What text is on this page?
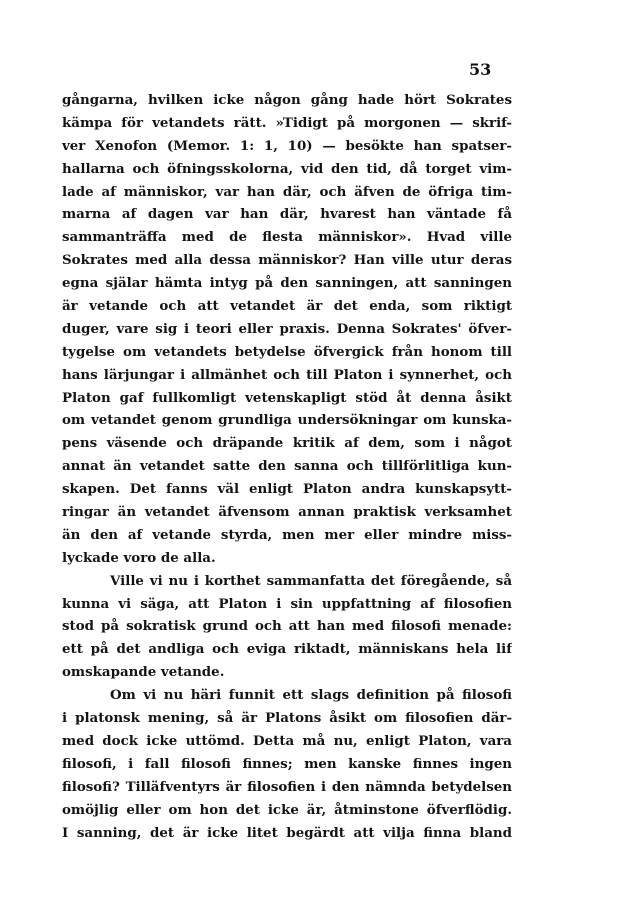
53
gångarna, hvilken icke någon gång hade hört Sokrates
kämpa för vetandets rätt. »Tidigt på morgonen — skrif-
ver Xenofon (Memor. 1: 1, 10) — besökte han spatser-
hallarna och öfningsskolorna, vid den tid, då torget vim-
lade af människor, var han där, och äfven de öfriga tim-
marna af dagen var han där, hvarest han väntade få
sammanträffa med de flesta människor». Hvad ville
Sokrates med alla dessa människor? Han ville utur deras
egna själar hämta intyg på den sanningen, att sanningen
är vetande och att vetandet är det enda, som riktigt
duger, vare sig i teori eller praxis. Denna Sokrates' öfver-
tygelse om vetandets betydelse öfvergick från honom till
hans lärjungar i allmänhet och till Platon i synnerhet, och
Platon gaf fullkomligt vetenskapligt stöd åt denna åsikt
om vetandet genom grundliga undersökningar om kunska-
pens väsende och dräpande kritik af dem, som i något
annat än vetandet satte den sanna och tillförlitliga kun-
skapen. Det fanns väl enligt Platon andra kunskapsytt-
ringar än vetandet äfvensom annan praktisk verksamhet
än den af vetande styrda, men mer eller mindre miss-
lyckade voro de alla.
Ville vi nu i korthet sammanfatta det föregående, så
kunna vi säga, att Platon i sin uppfattning af filosofien
stod på sokratisk grund och att han med filosofi menade:
ett på det andliga och eviga riktadt, människans hela lif
omskapande vetande.
Om vi nu häri funnit ett slags definition på filosofi
i platonsk mening, så är Platons åsikt om filosofien där-
med dock icke uttömd. Detta må nu, enligt Platon, vara
filosofi, i fall filosofi finnes; men kanske finnes ingen
filosofi? Tilläfventyrs är filosofien i den nämnda betydelsen
omöjlig eller om hon det icke är, åtminstone öfverflödig.
I sanning, det är icke litet begärdt att vilja finna bland
